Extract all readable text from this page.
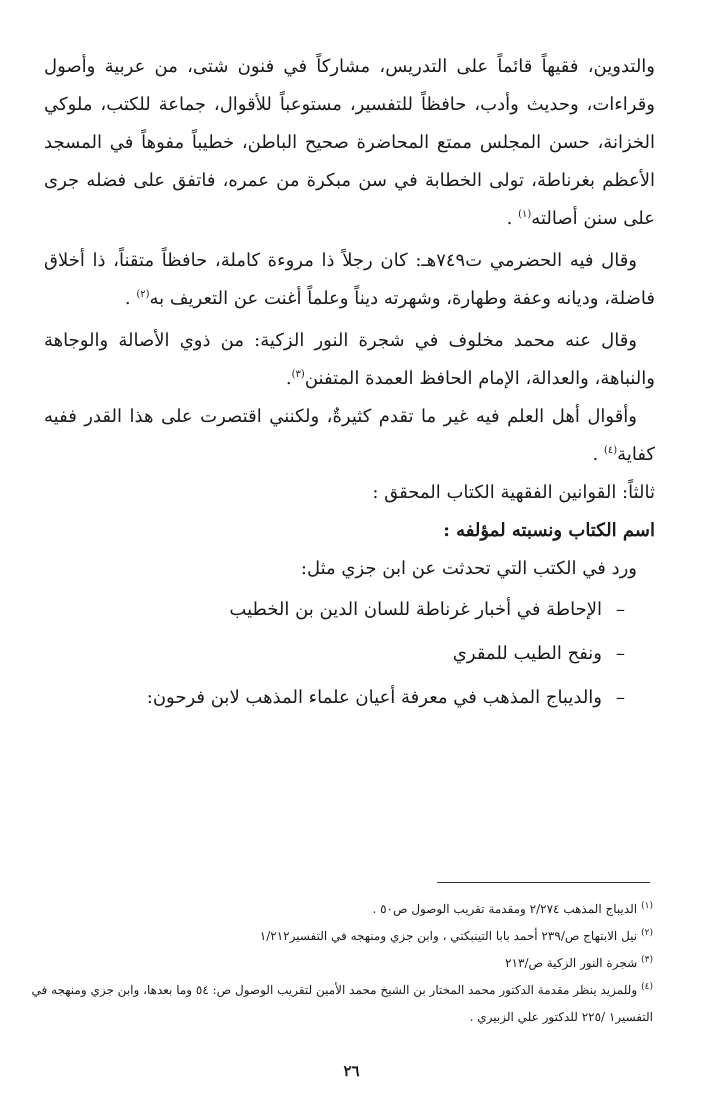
والتدوين، فقيهاً قائماً على التدريس، مشاركاً في فنون شتى، من عربية وأصول وقراءات، وحديث وأدب، حافظاً للتفسير، مستوعباً للأقوال، جماعة للكتب، ملوكي الخزانة، حسن المجلس ممتع المحاضرة صحيح الباطن، خطيباً مفوهاً في المسجد الأعظم بغرناطة، تولى الخطابة في سن مبكرة من عمره، فاتفق على فضله جرى على سنن أصالته$^{(١)}$ .

وقال فيه الحضرمي ت٧٤٩هـ: كان رجلاً ذا مروءة كاملة، حافظاً متقناً، ذا أخلاق فاضلة، وديانه وعفة وطهارة، وشهرته ديناً وعلماً أغنت عن التعريف به$^{(٢)}$ .

وقال عنه محمد مخلوف في شجرة النور الزكية: من ذوي الأصالة والوجاهة والنباهة، والعدالة، الإمام الحافظ العمدة المتفنن$^{(٣)}$.

وأقوال أهل العلم فيه غير ما تقدم كثيرةٌ، ولكنني اقتصرت على هذا القدر ففيه كفاية$^{(٤)}$ .

ثالثاً: القوانين الفقهية الكتاب المحقق :

اسم الكتاب ونسبته لمؤلفه :

ورد في الكتب التي تحدثت عن ابن جزي مثل:

–الإحاطة في أخبار غرناطة للسان الدين بن الخطيب
–ونفح الطيب للمقري
–والديباج المذهب في معرفة أعيان علماء المذهب لابن فرحون:

$^{(١)}$الديباج المذهب ٢/٢٧٤ ومقدمة تقريب الوصول ص٥٠ .

$^{(٢)}$نيل الابتهاج ص/٢٣٩ أحمد بابا التينبكتي ، وابن جزي ومنهجه في التفسير١/٢١٢

$^{(٣)}$شجرة النور الزكية ص/٢١٣

$^{(٤)}$وللمزيد ينظر مقدمة الدكتور محمد المختار بن الشيخ محمد الأمين لتقريب الوصول ص: ٥٤ وما بعدها، وابن جزي ومنهجه في التفسير١ /٢٢٥ للدكتور علي الزبيري .

٢٦
